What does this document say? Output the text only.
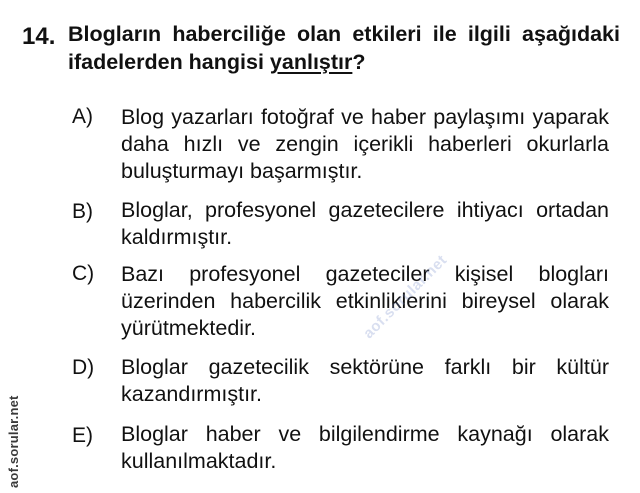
14. Blogların haberciliğe olan etkileri ile ilgili aşağıdaki ifadelerden hangisi yanlıştır?
A) Blog yazarları fotoğraf ve haber paylaşımı yaparak daha hızlı ve zengin içerikli haberleri okurlarla buluşturmayı başarmıştır.
B) Bloglar, profesyonel gazetecilere ihtiyacı ortadan kaldırmıştır.
C) Bazı profesyonel gazeteciler kişisel blogları üzerinden habercilik etkinliklerini bireysel olarak yürütmektedir.
D) Bloglar gazetecilik sektörüne farklı bir kültür kazandırmıştır.
E) Bloglar haber ve bilgilendirme kaynağı olarak kullanılmaktadır.
aof.sorular.net
aof.sorular.net
